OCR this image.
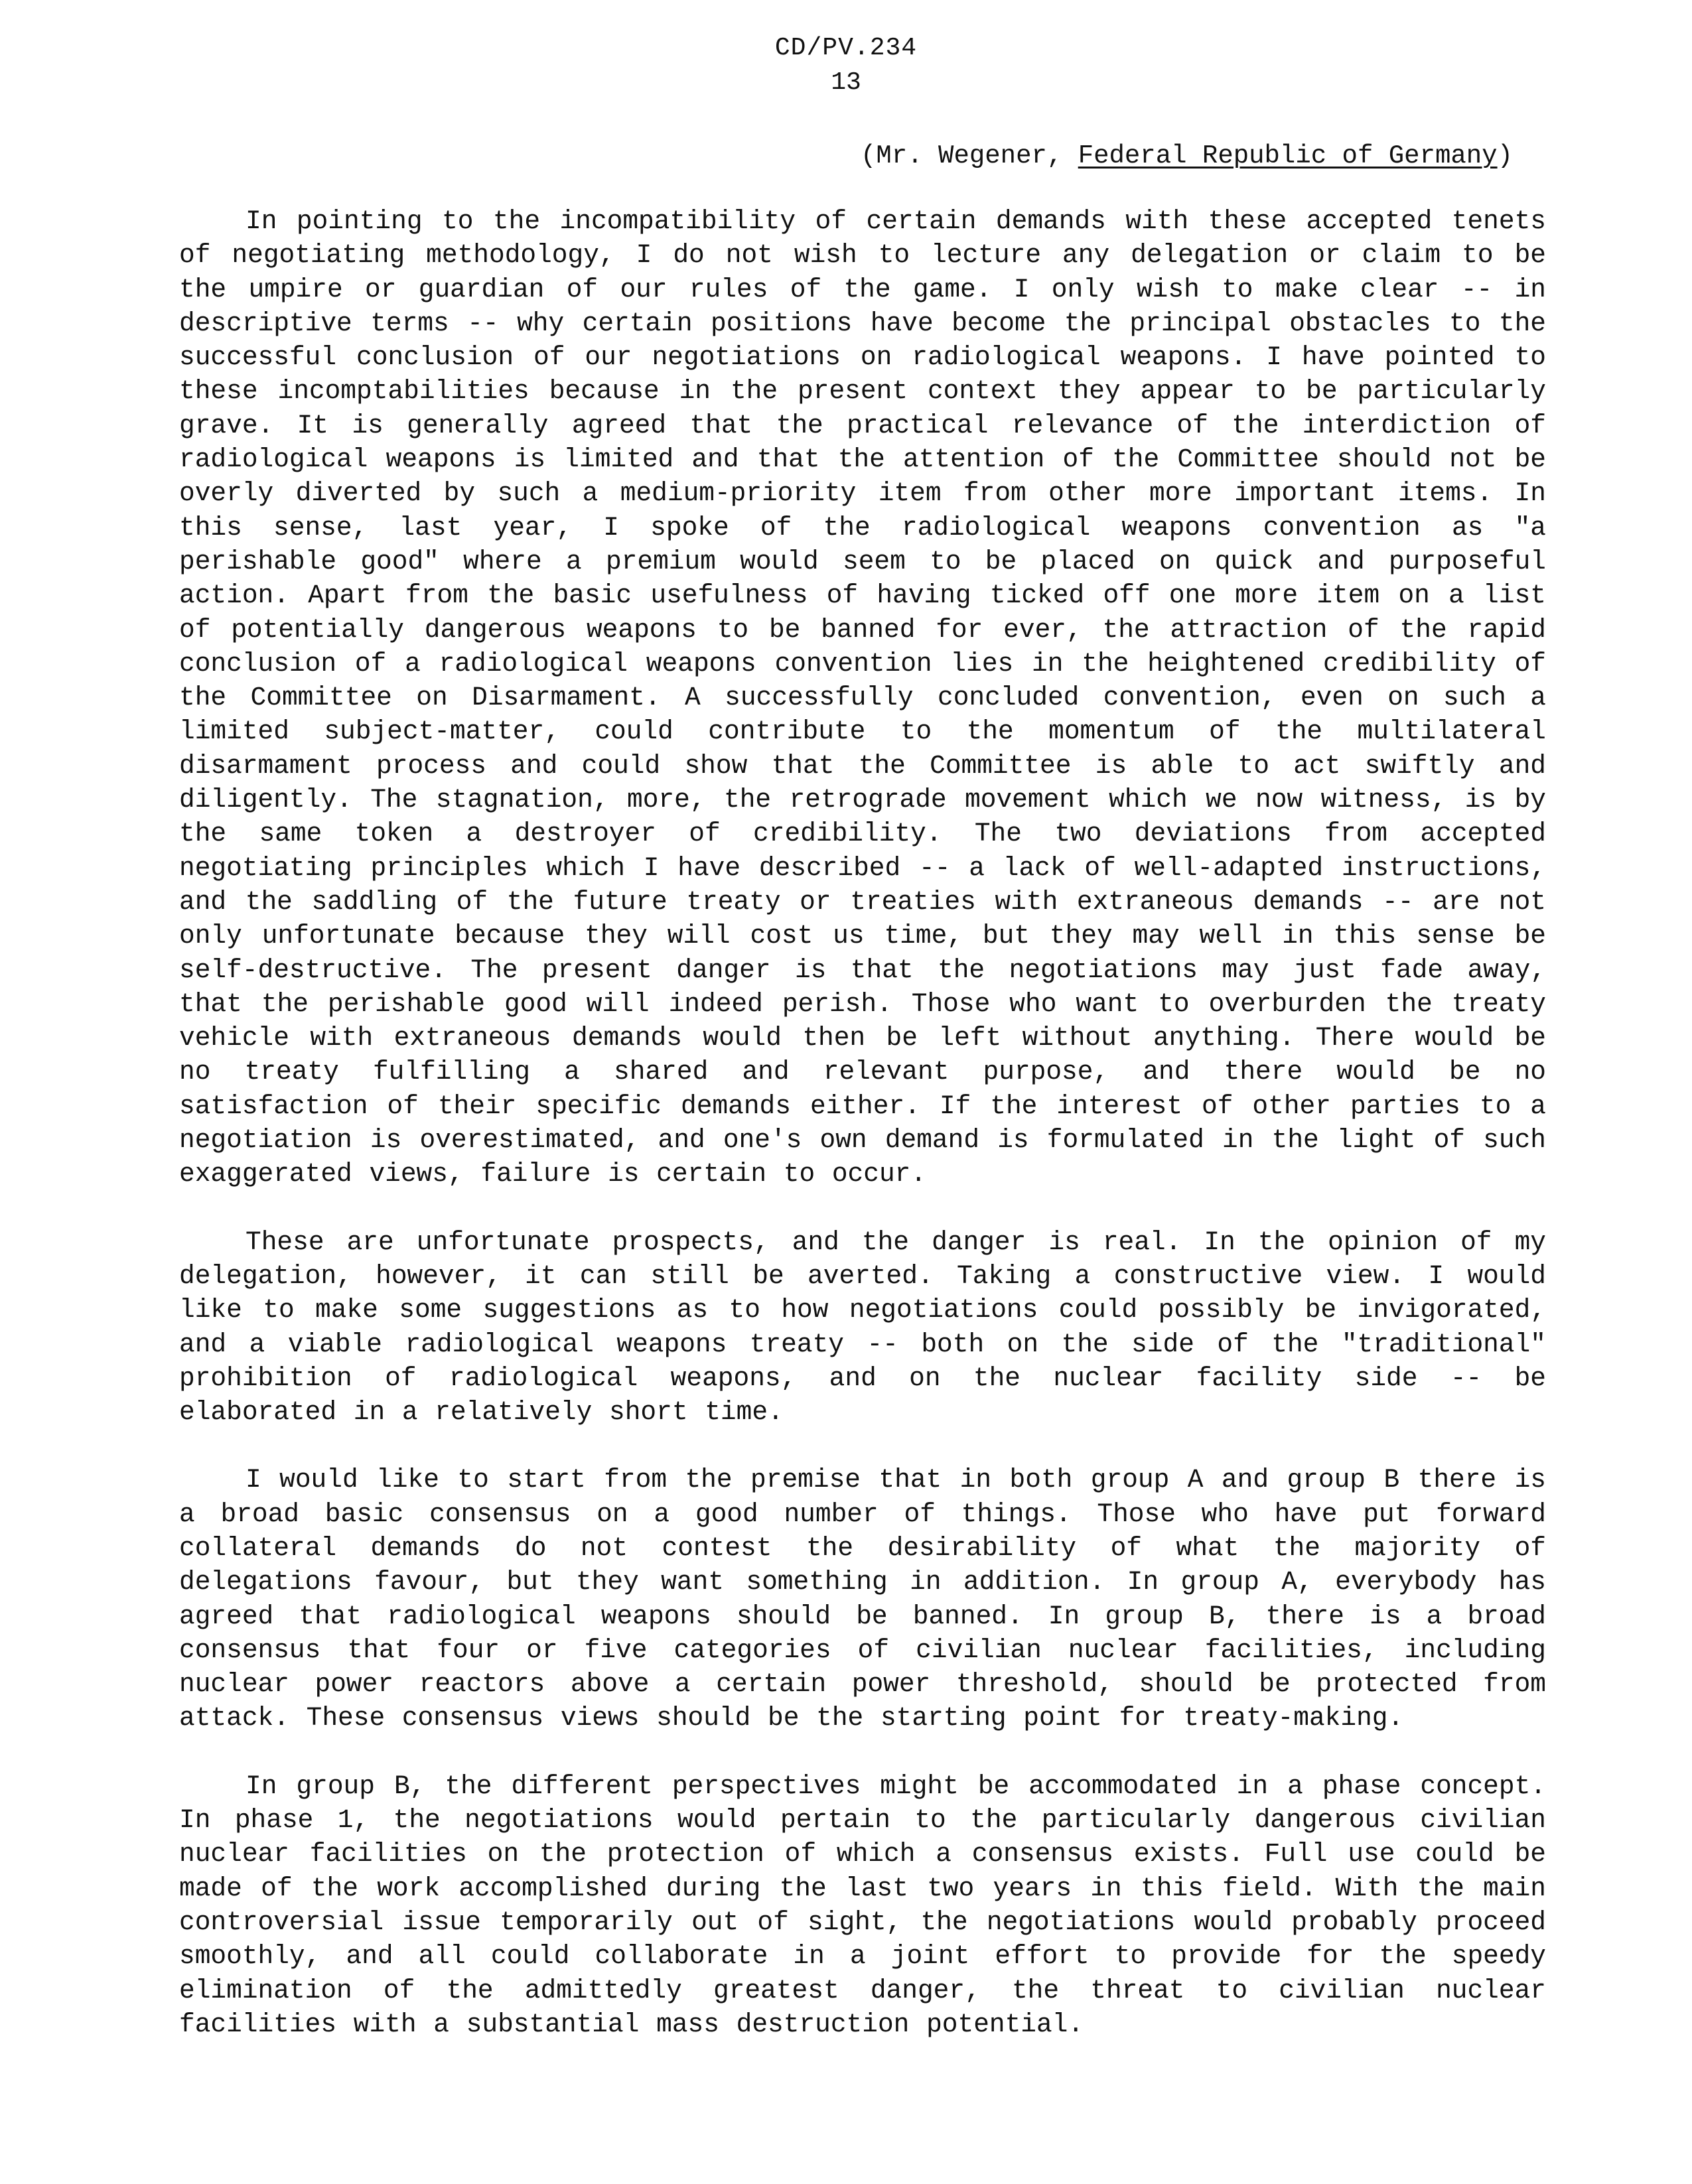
CD/PV.234
13
(Mr. Wegener, Federal Republic of Germany)

In pointing to the incompatibility of certain demands with these accepted tenets of negotiating methodology, I do not wish to lecture any delegation or claim to be the umpire or guardian of our rules of the game. I only wish to make clear -- in descriptive terms -- why certain positions have become the principal obstacles to the successful conclusion of our negotiations on radiological weapons. I have pointed to these incomptabilities because in the present context they appear to be particularly grave. It is generally agreed that the practical relevance of the interdiction of radiological weapons is limited and that the attention of the Committee should not be overly diverted by such a medium-priority item from other more important items. In this sense, last year, I spoke of the radiological weapons convention as "a perishable good" where a premium would seem to be placed on quick and purposeful action. Apart from the basic usefulness of having ticked off one more item on a list of potentially dangerous weapons to be banned for ever, the attraction of the rapid conclusion of a radiological weapons convention lies in the heightened credibility of the Committee on Disarmament. A successfully concluded convention, even on such a limited subject-matter, could contribute to the momentum of the multilateral disarmament process and could show that the Committee is able to act swiftly and diligently. The stagnation, more, the retrograde movement which we now witness, is by the same token a destroyer of credibility. The two deviations from accepted negotiating principles which I have described -- a lack of well-adapted instructions, and the saddling of the future treaty or treaties with extraneous demands -- are not only unfortunate because they will cost us time, but they may well in this sense be self-destructive. The present danger is that the negotiations may just fade away, that the perishable good will indeed perish. Those who want to overburden the treaty vehicle with extraneous demands would then be left without anything. There would be no treaty fulfilling a shared and relevant purpose, and there would be no satisfaction of their specific demands either. If the interest of other parties to a negotiation is overestimated, and one's own demand is formulated in the light of such exaggerated views, failure is certain to occur.

These are unfortunate prospects, and the danger is real. In the opinion of my delegation, however, it can still be averted. Taking a constructive view. I would like to make some suggestions as to how negotiations could possibly be invigorated, and a viable radiological weapons treaty -- both on the side of the "traditional" prohibition of radiological weapons, and on the nuclear facility side -- be elaborated in a relatively short time.

I would like to start from the premise that in both group A and group B there is a broad basic consensus on a good number of things. Those who have put forward collateral demands do not contest the desirability of what the majority of delegations favour, but they want something in addition. In group A, everybody has agreed that radiological weapons should be banned. In group B, there is a broad consensus that four or five categories of civilian nuclear facilities, including nuclear power reactors above a certain power threshold, should be protected from attack. These consensus views should be the starting point for treaty-making.

In group B, the different perspectives might be accommodated in a phase concept. In phase 1, the negotiations would pertain to the particularly dangerous civilian nuclear facilities on the protection of which a consensus exists. Full use could be made of the work accomplished during the last two years in this field. With the main controversial issue temporarily out of sight, the negotiations would probably proceed smoothly, and all could collaborate in a joint effort to provide for the speedy elimination of the admittedly greatest danger, the threat to civilian nuclear facilities with a substantial mass destruction potential.
